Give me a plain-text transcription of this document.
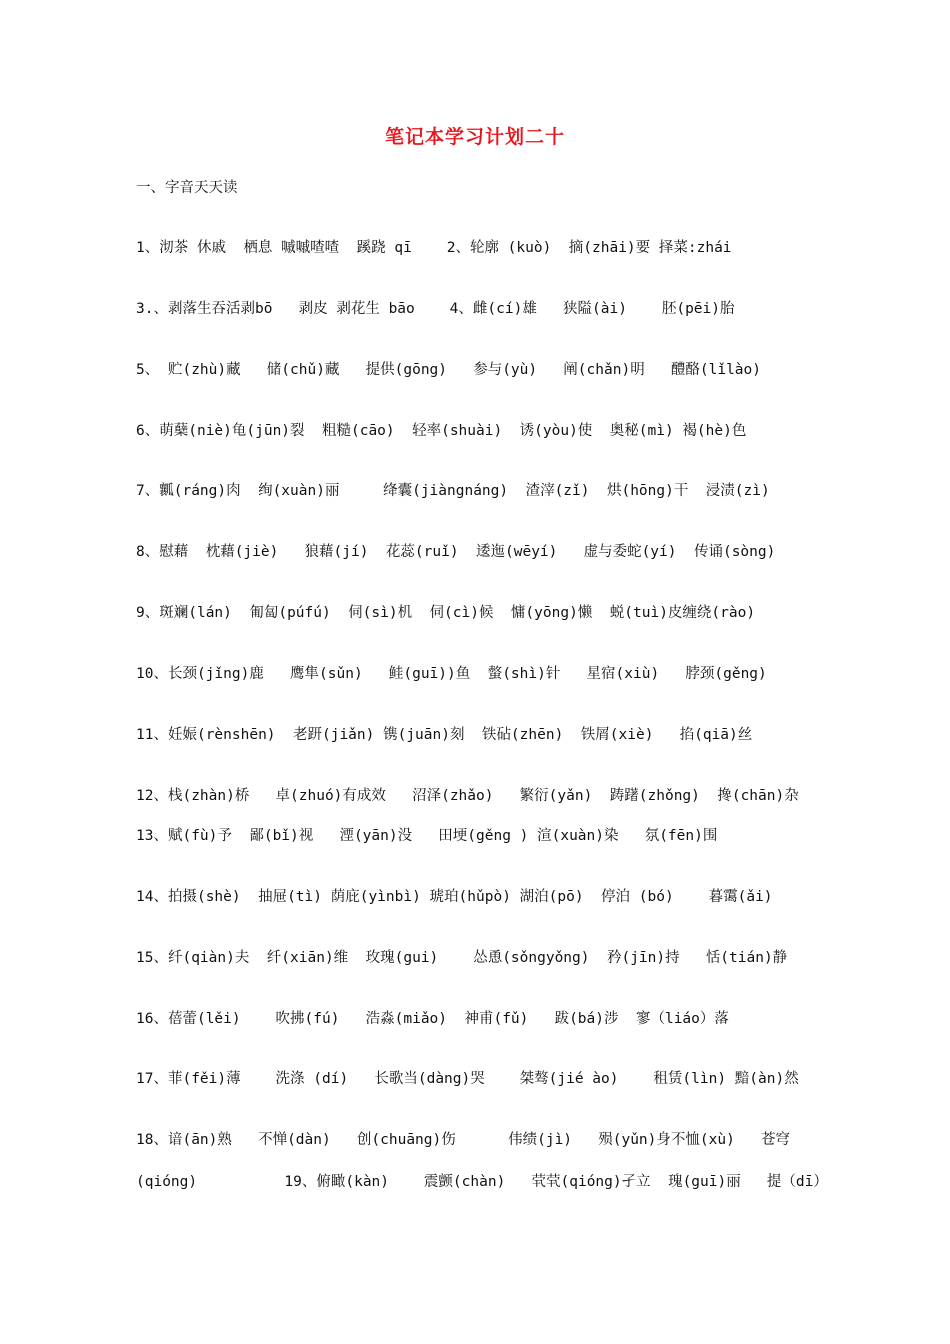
笔记本学习计划二十
一、字音天天读
1、沏茶 休戚  栖息 嘁嘁喳喳  蹊跷 qī    2、轮廓 (kuò)  摘(zhāi)要 择菜:zhái
3.、剥落生吞活剥bō   剥皮 剥花生 bāo    4、雌(cí)雄   狭隘(ài)    胚(pēi)胎
5、 贮(zhù)藏   储(chǔ)藏   提供(gōng)   参与(yù)   阐(chǎn)明   醴酪(lǐlào)
6、萌蘖(niè)龟(jūn)裂  粗糙(cāo)  轻率(shuài)  诱(yòu)使  奥秘(mì) 褐(hè)色
7、瓤(ráng)肉  绚(xuàn)丽     绛囊(jiàngnáng)  渣滓(zǐ)  烘(hōng)干  浸渍(zì)
8、慰藉  枕藉(jiè)   狼藉(jí)  花蕊(ruǐ)  逶迤(wēyí)   虚与委蛇(yí)  传诵(sòng)
9、斑斓(lán)  匍匐(púfú)  伺(sì)机  伺(cì)候  慵(yōng)懒  蜕(tuì)皮缠绕(rào)
10、长颈(jǐng)鹿   鹰隼(sǔn)   鲑(guī))鱼  螫(shì)针   星宿(xiù)   脖颈(gěng)
11、妊娠(rènshēn)  老趼(jiǎn) 镌(juān)刻  铁砧(zhēn)  铁屑(xiè)   掐(qiā)丝
12、栈(zhàn)桥   卓(zhuó)有成效   沼泽(zhǎo)   繁衍(yǎn)  踌躇(zhǒng)  搀(chān)杂
13、赋(fù)予  鄙(bǐ)视   湮(yān)没   田埂(gěng ) 渲(xuàn)染   氛(fēn)围
14、拍摄(shè)  抽屉(tì) 荫庇(yìnbì) 琥珀(hǔpò) 湖泊(pō)  停泊 (bó)    暮霭(ǎi)
15、纤(qiàn)夫  纤(xiān)维  玫瑰(gui)    怂恿(sǒngyǒng)  矜(jīn)持   恬(tián)静
16、蓓蕾(lěi)    吹拂(fú)   浩淼(miǎo)  神甫(fǔ)   跋(bá)涉  寥（liáo）落
17、菲(fěi)薄    洗涤 (dí)   长歌当(dàng)哭    桀骜(jié ào)    租赁(lìn) 黯(àn)然
18、谙(ān)熟   不惮(dàn)   创(chuāng)伤      伟绩(jì)   殒(yǔn)身不恤(xù)   苍穹
(qióng)          19、俯瞰(kàn)    震颤(chàn)   茕茕(qióng)孑立  瑰(guī)丽   提（dī）
